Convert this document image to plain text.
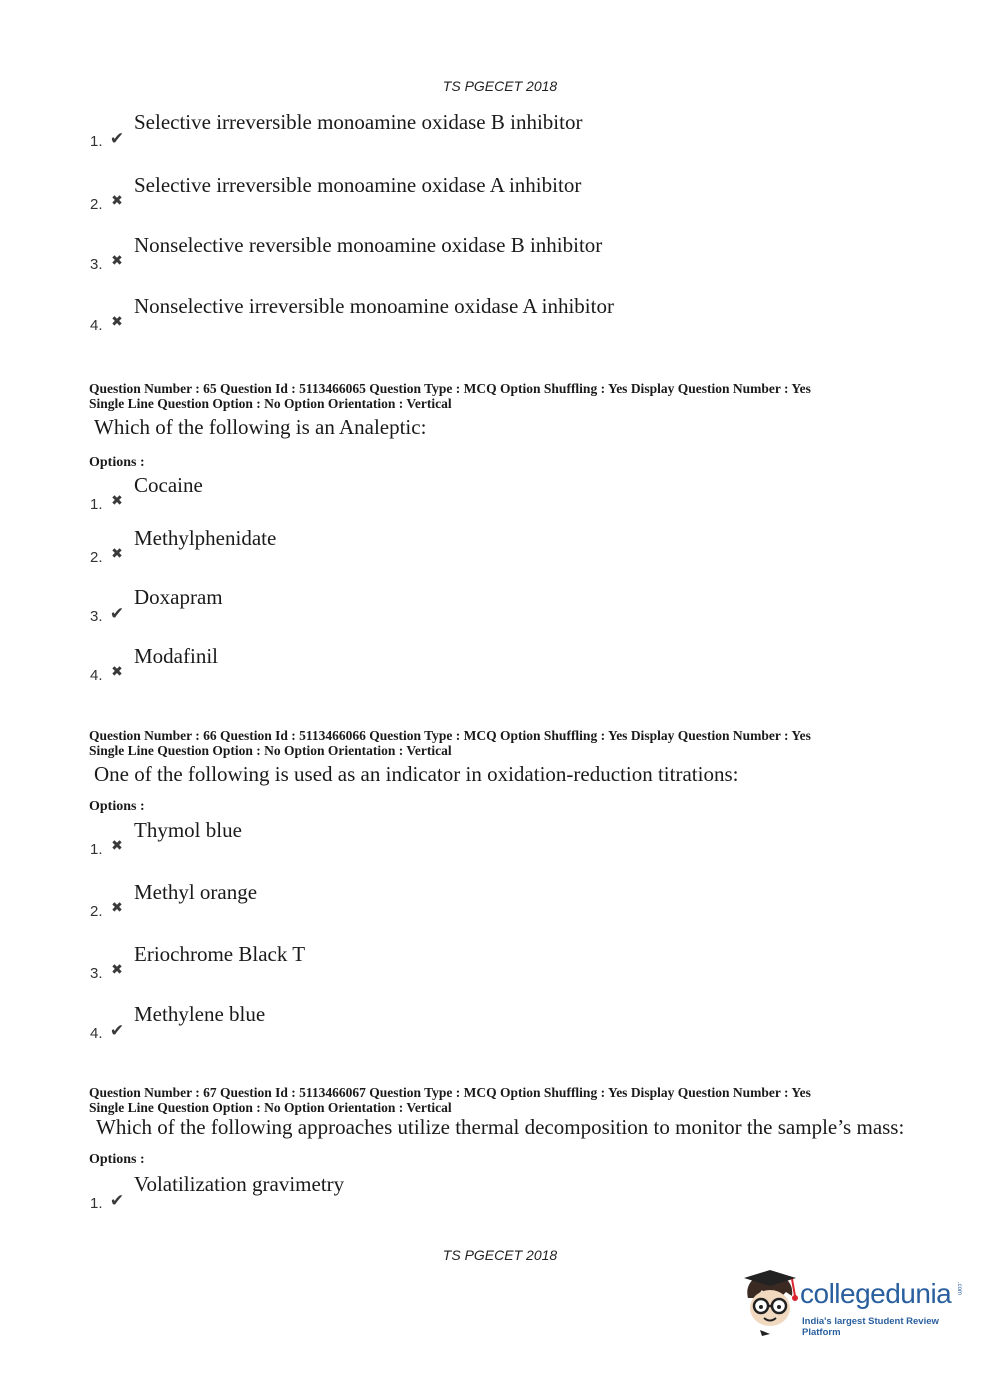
TS PGECET 2018
1. ✔
Selective irreversible monoamine oxidase B inhibitor
2. ✖
Selective irreversible monoamine oxidase A inhibitor
3. ✖
Nonselective reversible monoamine oxidase B inhibitor
4. ✖
Nonselective irreversible monoamine oxidase A inhibitor
Question Number : 65 Question Id : 5113466065 Question Type : MCQ Option Shuffling : Yes Display Question Number : Yes
Single Line Question Option : No Option Orientation : Vertical
Which of the following is an Analeptic:
Options :
1. ✖
Cocaine
2. ✖
Methylphenidate
3. ✔
Doxapram
4. ✖
Modafinil
Question Number : 66 Question Id : 5113466066 Question Type : MCQ Option Shuffling : Yes Display Question Number : Yes
Single Line Question Option : No Option Orientation : Vertical
One of the following is used as an indicator in oxidation-reduction titrations:
Options :
1. ✖
Thymol blue
2. ✖
Methyl orange
3. ✖
Eriochrome Black T
4. ✔
Methylene blue
Question Number : 67 Question Id : 5113466067 Question Type : MCQ Option Shuffling : Yes Display Question Number : Yes
Single Line Question Option : No Option Orientation : Vertical
Which of the following approaches utilize thermal decomposition to monitor the sample’s mass:
Options :
1. ✔
Volatilization gravimetry
TS PGECET 2018
collegedunia .com
India's largest Student Review Platform
